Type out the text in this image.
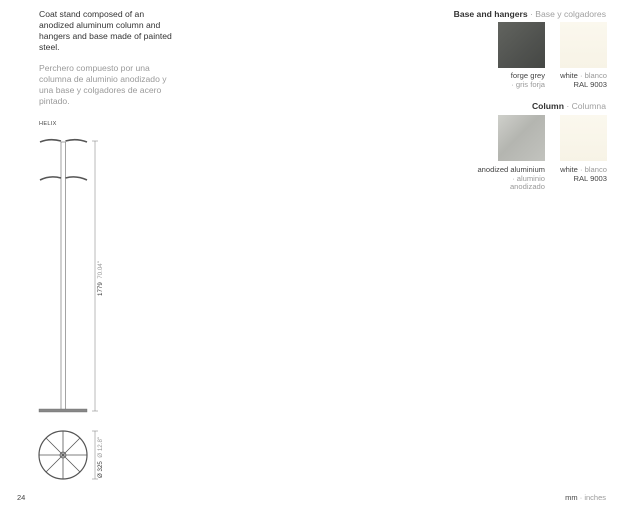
Coat stand composed of an anodized aluminum column and hangers and base made of painted steel.
Perchero compuesto por una columna de aluminio anodizado y una base y colgadores de acero pintado.
HELIX
1779  70.04"
Ø 325  Ø 12.8"
Base and hangers · Base y colgadores
forge grey
· gris forja
white · blanco
RAL 9003
Column · Columna
anodized aluminium
· aluminio anodizado
white · blanco
RAL 9003
24	mm · inches
